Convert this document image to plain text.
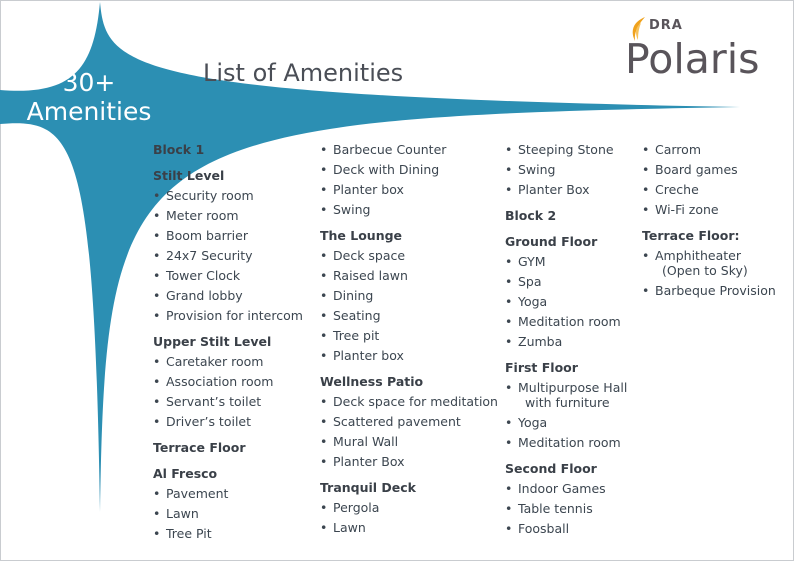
30+
Amenities
List of Amenities
DRA
Polaris
Block 1
Stilt Level
• Security room
• Meter room
• Boom barrier
• 24x7 Security
• Tower Clock
• Grand lobby
• Provision for intercom
Upper Stilt Level
• Caretaker room
• Association room
• Servant’s toilet
• Driver’s toilet
Terrace Floor
Al Fresco
• Pavement
• Lawn
• Tree Pit
• Barbecue Counter
• Deck with Dining
• Planter box
• Swing
The Lounge
• Deck space
• Raised lawn
• Dining
• Seating
• Tree pit
• Planter box
Wellness Patio
• Deck space for meditation
• Scattered pavement
• Mural Wall
• Planter Box
Tranquil Deck
• Pergola
• Lawn
• Steeping Stone
• Swing
• Planter Box
Block 2
Ground Floor
• GYM
• Spa
• Yoga
• Meditation room
• Zumba
First Floor
• Multipurpose Hall
with furniture
• Yoga
• Meditation room
Second Floor
• Indoor Games
• Table tennis
• Foosball
• Carrom
• Board games
• Creche
• Wi-Fi zone
Terrace Floor:
• Amphitheater
(Open to Sky)
• Barbeque Provision
